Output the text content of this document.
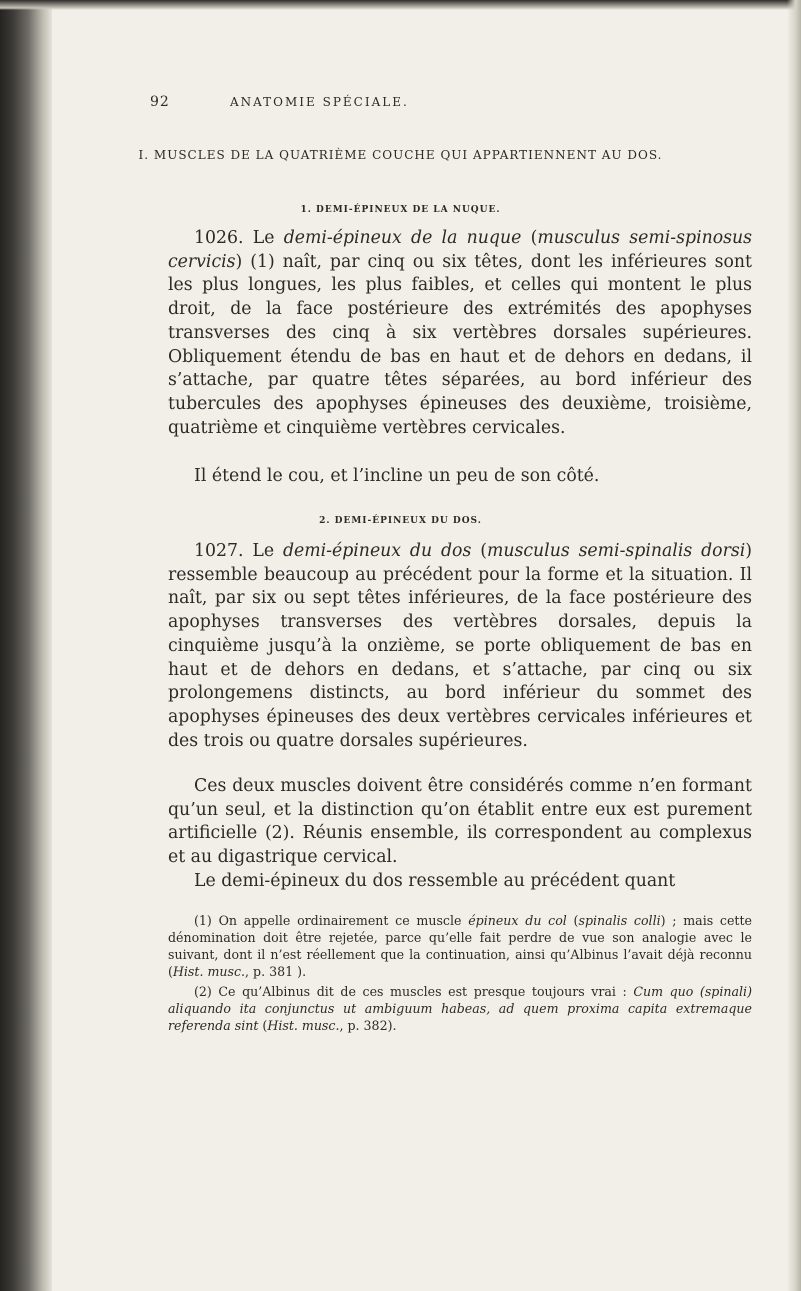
92	ANATOMIE SPÉCIALE.
I. MUSCLES DE LA QUATRIÈME COUCHE QUI APPARTIENNENT AU DOS.
1. DEMI-ÉPINEUX DE LA NUQUE.

1026. Le demi-épineux de la nuque (musculus semi-spinosus cervicis) (1) naît, par cinq ou six têtes, dont les inférieures sont les plus longues, les plus faibles, et celles qui montent le plus droit, de la face postérieure des extrémités des apophyses transverses des cinq à six vertèbres dorsales supérieures. Obliquement étendu de bas en haut et de dehors en dedans, il s’attache, par quatre têtes séparées, au bord inférieur des tubercules des apophyses épineuses des deuxième, troisième, quatrième et cinquième vertèbres cervicales.

Il étend le cou, et l’incline un peu de son côté.

2. DEMI-ÉPINEUX DU DOS.

1027. Le demi-épineux du dos (musculus semi-spinalis dorsi) ressemble beaucoup au précédent pour la forme et la situation. Il naît, par six ou sept têtes inférieures, de la face postérieure des apophyses transverses des vertèbres dorsales, depuis la cinquième jusqu’à la onzième, se porte obliquement de bas en haut et de dehors en dedans, et s’attache, par cinq ou six prolongemens distincts, au bord inférieur du sommet des apophyses épineuses des deux vertèbres cervicales inférieures et des trois ou quatre dorsales supérieures.

Ces deux muscles doivent être considérés comme n’en formant qu’un seul, et la distinction qu’on établit entre eux est purement artificielle (2). Réunis ensemble, ils correspondent au complexus et au digastrique cervical.

Le demi-épineux du dos ressemble au précédent quant

(1) On appelle ordinairement ce muscle épineux du col (spinalis colli) ; mais cette dénomination doit être rejetée, parce qu’elle fait perdre de vue son analogie avec le suivant, dont il n’est réellement que la continuation, ainsi qu’Albinus l’avait déjà reconnu (Hist. musc., p. 381 ).

(2) Ce qu’Albinus dit de ces muscles est presque toujours vrai : Cum quo (spinali) aliquando ita conjunctus ut ambiguum habeas, ad quem proxima capita extremaque referenda sint (Hist. musc., p. 382).
